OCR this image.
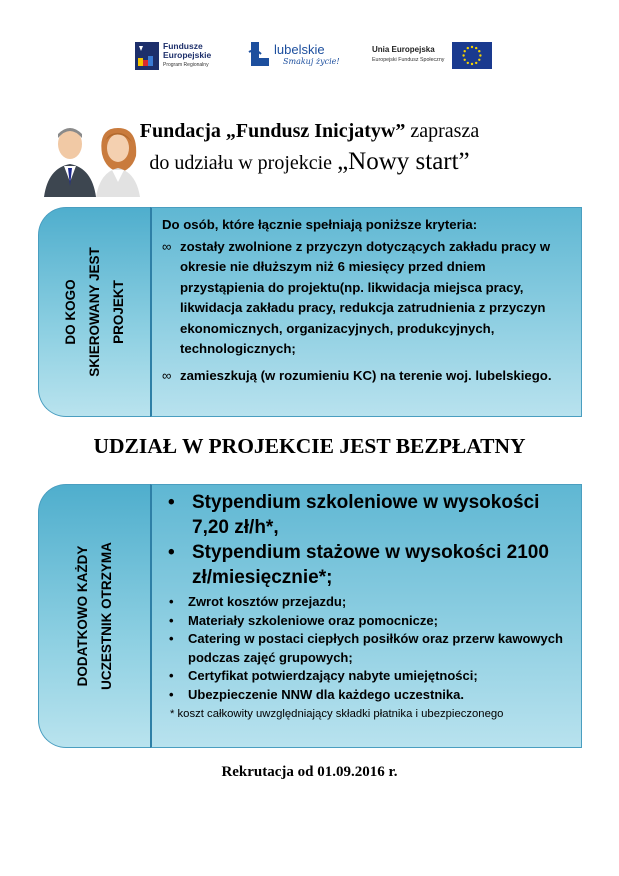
Fundusze
Europejskie
Program Regionalny
lubelskie
Smakuj życie!
Unia Europejska
Europejski Fundusz Społeczny
Fundacja „Fundusz Inicjatyw” zaprasza
do udziału w projekcie „Nowy start”
DO KOGO SKIEROWANY JEST PROJEKT

Do osób, które łącznie spełniają poniższe kryteria:

∞ zostały zwolnione z przyczyn dotyczących zakładu pracy w okresie nie dłuższym niż 6 miesięcy przed dniem przystąpienia do projektu(np. likwidacja miejsca pracy, likwidacja zakładu pracy, redukcja zatrudnienia z przyczyn ekonomicznych, organizacyjnych, produkcyjnych, technologicznych;

∞ zamieszkują (w rozumieniu KC) na terenie woj. lubelskiego.

UDZIAŁ W PROJEKCIE JEST BEZPŁATNY
DODATKOWO KAŻDY UCZESTNIK OTRZYMA

• Stypendium szkoleniowe w wysokości 7,20 zł/h*,

• Stypendium stażowe w wysokości 2100 zł/miesięcznie*;

• Zwrot kosztów przejazdu;

• Materiały szkoleniowe oraz pomocnicze;

• Catering w postaci ciepłych posiłków oraz przerw kawowych podczas zajęć grupowych;

• Certyfikat potwierdzający nabyte umiejętności;

• Ubezpieczenie NNW dla każdego uczestnika.

* koszt całkowity uwzględniający składki płatnika i ubezpieczonego
Rekrutacja od 01.09.2016 r.
